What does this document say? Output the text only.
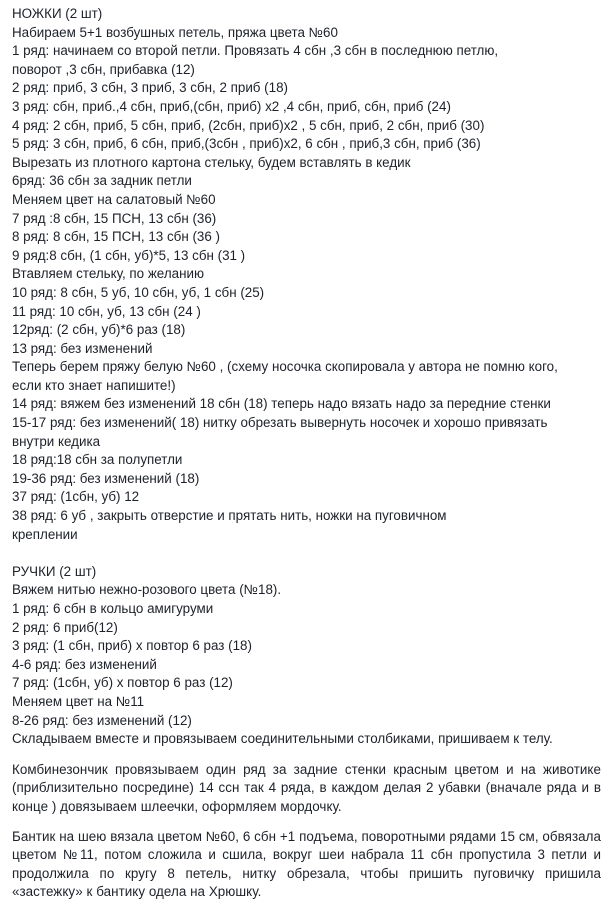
НОЖКИ (2 шт)
Набираем 5+1 возбушных петель, пряжа цвета №60
1 ряд: начинаем со второй петли. Провязать 4 сбн ,3 сбн в последнюю петлю,
поворот ,3 сбн, прибавка (12)
2 ряд: приб, 3 сбн, 3 приб, 3 сбн, 2 приб (18)
3 ряд: сбн, приб.,4 сбн, приб,(сбн, приб) х2 ,4 сбн, приб, сбн, приб (24)
4 ряд: 2 сбн, приб, 5 сбн, приб, (2сбн, приб)х2 , 5 сбн, приб, 2 сбн, приб (30)
5 ряд: 3 сбн, приб, 6 сбн, приб,(3сбн , приб)х2, 6 сбн , приб,3 сбн, приб (36)
Вырезать из плотного картона стельку, будем вставлять в кедик
6ряд: 36 сбн за задник петли
Меняем цвет на салатовый №60
7 ряд :8 сбн, 15 ПСН, 13 сбн (36)
8 ряд: 8 сбн, 15 ПСН, 13 сбн (36 )
9 ряд:8 сбн, (1 сбн, уб)*5, 13 сбн (31 )
Втавляем стельку, по желанию
10 ряд: 8 сбн, 5 уб, 10 сбн, уб, 1 сбн (25)
11 ряд: 10 сбн, уб, 13 сбн (24 )
12ряд: (2 сбн, уб)*6 раз (18)
13 ряд: без изменений
Теперь берем пряжу белую №60 , (схему носочка скопировала у автора не помню кого,
если кто знает напишите!)
14 ряд: вяжем без изменений 18 сбн (18) теперь надо вязать надо за передние стенки
15-17 ряд: без изменений( 18) нитку обрезать вывернуть носочек и хорошо привязать
внутри кедика
18 ряд:18 сбн за полупетли
19-36 ряд: без изменений (18)
37 ряд: (1сбн, уб) 12
38 ряд: 6 уб , закрыть отверстие и прятать нить, ножки на пуговичном
креплении
РУЧКИ (2 шт)
Вяжем нитью нежно-розового цвета (№18).
1 ряд: 6 сбн в кольцо амигуруми
2 ряд: 6 приб(12)
3 ряд: (1 сбн, приб) х повтор 6 раз (18)
4-6 ряд: без изменений
7 ряд: (1сбн, уб) х повтор 6 раз (12)
Меняем цвет на №11
8-26 ряд: без изменений (12)
Складываем вместе и провязываем соединительными столбиками, пришиваем к телу.

Комбинезончик провязываем один ряд за задние стенки красным цветом и на животике (приблизительно посредине) 14 ссн так 4 ряда, в каждом делая 2 убавки (вначале ряда и в конце ) довязываем шлеечки, оформляем мордочку.

Бантик на шею вязала цветом №60, 6 сбн +1 подъема, поворотными рядами 15 см, обвязала цветом №11, потом сложила и сшила, вокруг шеи набрала 11 сбн пропустила 3 петли и продолжила по кругу 8 петель, нитку обрезала, чтобы пришить пуговичку пришила «застежку» к бантику одела на Хрюшку.
